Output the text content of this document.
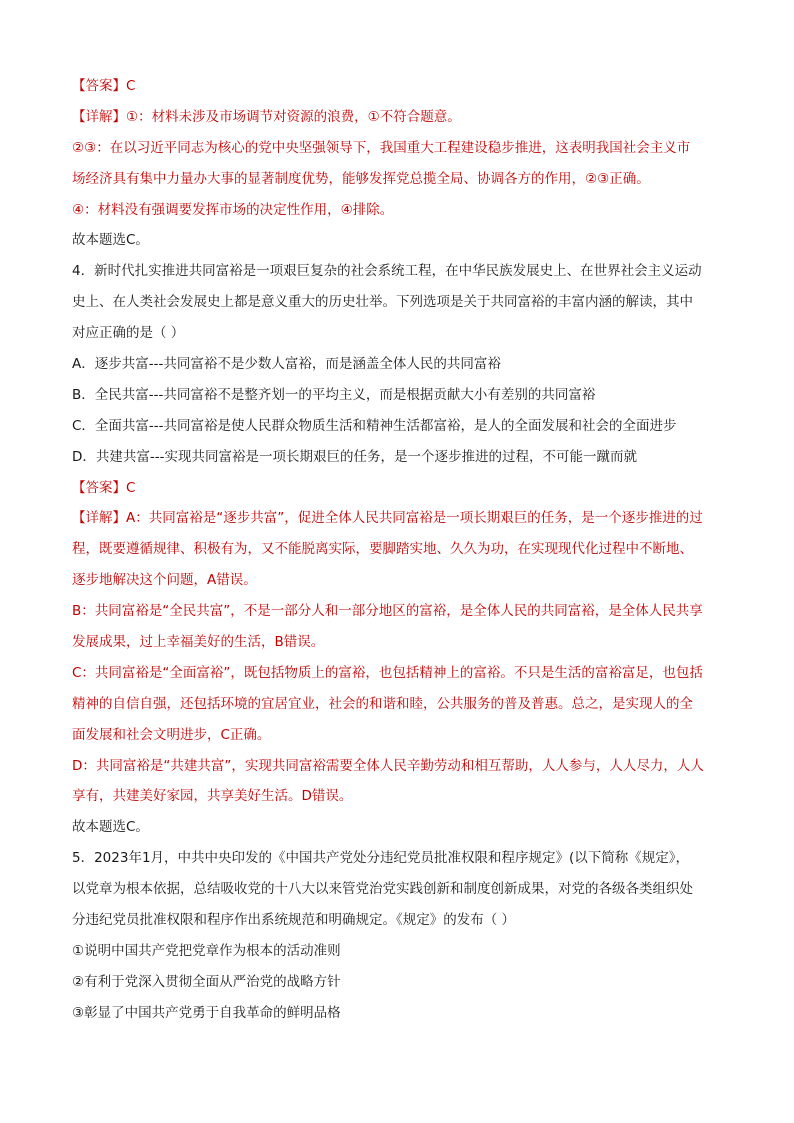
【答案】C
【详解】①：材料未涉及市场调节对资源的浪费，①不符合题意。
②③：在以习近平同志为核心的党中央坚强领导下，我国重大工程建设稳步推进，这表明我国社会主义市
场经济具有集中力量办大事的显著制度优势，能够发挥党总揽全局、协调各方的作用，②③正确。
④：材料没有强调要发挥市场的决定性作用，④排除。
故本题选C。
4．新时代扎实推进共同富裕是一项艰巨复杂的社会系统工程，在中华民族发展史上、在世界社会主义运动
史上、在人类社会发展史上都是意义重大的历史壮举。下列选项是关于共同富裕的丰富内涵的解读，其中
对应正确的是（ ）
A．逐步共富---共同富裕不是少数人富裕，而是涵盖全体人民的共同富裕
B．全民共富---共同富裕不是整齐划一的平均主义，而是根据贡献大小有差别的共同富裕
C．全面共富---共同富裕是使人民群众物质生活和精神生活都富裕，是人的全面发展和社会的全面进步
D．共建共富---实现共同富裕是一项长期艰巨的任务，是一个逐步推进的过程，不可能一蹴而就
【答案】C
【详解】A：共同富裕是“逐步共富”，促进全体人民共同富裕是一项长期艰巨的任务，是一个逐步推进的过
程，既要遵循规律、积极有为，又不能脱离实际，要脚踏实地、久久为功，在实现现代化过程中不断地、
逐步地解决这个问题，A错误。
B：共同富裕是“全民共富”，不是一部分人和一部分地区的富裕，是全体人民的共同富裕，是全体人民共享
发展成果，过上幸福美好的生活，B错误。
C：共同富裕是“全面富裕”，既包括物质上的富裕，也包括精神上的富裕。不只是生活的富裕富足，也包括
精神的自信自强，还包括环境的宜居宜业，社会的和谐和睦，公共服务的普及普惠。总之，是实现人的全
面发展和社会文明进步，C正确。
D：共同富裕是“共建共富”，实现共同富裕需要全体人民辛勤劳动和相互帮助，人人参与，人人尽力，人人
享有，共建美好家园，共享美好生活。D错误。
故本题选C。
5．2023年1月，中共中央印发的《中国共产党处分违纪党员批准权限和程序规定》(以下简称《规定》，
以党章为根本依据，总结吸收党的十八大以来管党治党实践创新和制度创新成果，对党的各级各类组织处
分违纪党员批准权限和程序作出系统规范和明确规定。《规定》的发布（ ）
①说明中国共产党把党章作为根本的活动准则
②有利于党深入贯彻全面从严治党的战略方针
③彰显了中国共产党勇于自我革命的鲜明品格
